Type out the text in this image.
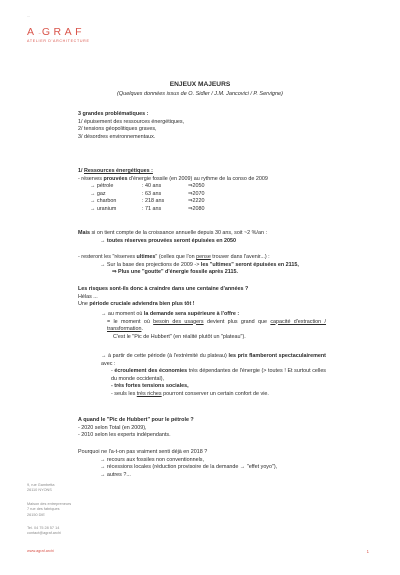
—
A~GRAF
ATELIER D'ARCHITECTURE
ENJEUX MAJEURS
(Quelques données issus de O. Sidler / J.M. Jancovici / P. Servigne)

3 grandes problématiques :

1/ épuisement des ressources énergétiques,

2/ tensions géopolitiques graves,

3/ désordres environnementaux.

1/ Ressources énergétiques :

- réserves prouvées d'énergie fossile (en 2009) au rythme de la conso de 2009

→ pétrole	: 40 ans	⇒2050
→ gaz	: 63 ans	⇒2070
→ charbon	: 218 ans	⇒2220
→ uranium	: 71 ans	⇒2080

Mais si on tient compte de la croissance annuelle depuis 30 ans, soit ~2 %/an :

→ toutes réserves prouvées seront épuisées en 2050

- resteront les "réserves ultimes" (celles que l'on pense trouver dans l'avenir...) :

→ Sur la base des projections de 2009 -> les "ultimes" seront épuisées en 2115,

⇒ Plus une "goutte" d'énergie fossile après 2115.

Les risques sont-ils donc à craindre dans une centaine d'années ?

Hélas ...

Une période cruciale adviendra bien plus tôt !

→ au moment où la demande sera supérieure à l'offre :

= le moment où besoin des usagers devient plus grand que capacité d'extraction / transformation.

C'est le "Pic de Hubbert" (en réalité plutôt un "plateau").

→ à partir de cette période (à l'extrémité du plateau) les prix flamberont spectaculairement avec :

- écroulement des économies très dépendantes de l'énergie (> toutes ! Et surtout celles du monde occidental),

- très fortes tensions sociales,

- seuls les très riches pourront conserver un certain confort de vie.

A quand le "Pic de Hubbert" pour le pétrole ?

- 2020 selon Total (en 2009),

- 2010 selon les experts indépendants.

Pourquoi ne l'a-t-on pas vraiment senti déjà en 2018 ?

→ recours aux fossiles non conventionnels,

→ récessions locales (réduction provisoire de la demande → "effet yoyo"),

→ autres ?...

9, rue Gambetta
26110 NYONS
Maison des entrepreneurs
7 rue des fabriques
26150 DIE
Tel. 04 75 28 57 14
contact@agraf.archi
www.agraf.archi	1
